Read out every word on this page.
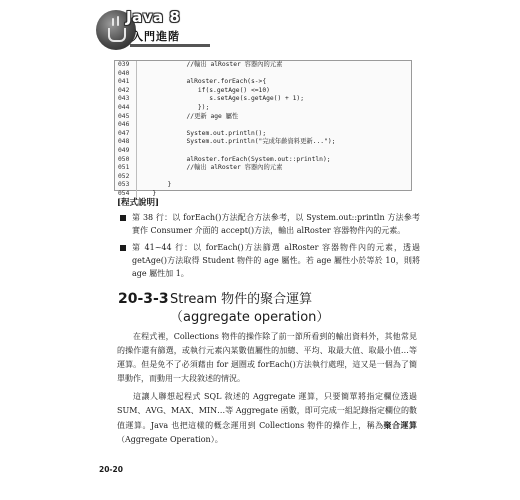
Java 8
入門進階
039	//輸出 alRoster 容器內的元素
040
041	alRoster.forEach(s->{
042	if(s.getAge() <=10)
043	s.setAge(s.getAge() + 1);
044	});
045	//更新 age 屬性
046
047	System.out.println();
048	System.out.println("完成年齡資料更新...");
049
050	alRoster.forEach(System.out::println);
051	//輸出 alRoster 容器內的元素
052
053	}
054	}
[程式說明]
第 38 行：以 forEach()方法配合方法參考，以 System.out::println 方法參考實作 Consumer 介面的 accept()方法，輸出 alRoster 容器物件內的元素。
第 41~44 行：以 forEach()方法篩選 alRoster 容器物件內的元素，透過 getAge()方法取得 Student 物件的 age 屬性。若 age 屬性小於等於 10，則將 age 屬性加 1。
20-3-3 Stream 物件的聚合運算
（aggregate operation）
在程式裡，Collections 物件的操作除了前一節所看到的輸出資料外，其他常見的操作還有篩選，或執行元素內某數值屬性的加總、平均、取最大值、取最小值…等運算。但是免不了必須藉由 for 迴圈或 forEach()方法執行處理，這又是一個為了簡單動作，而動用一大段敘述的情況。
這讓人聯想起程式 SQL 敘述的 Aggregate 運算，只要簡單將指定欄位透過 SUM、AVG、MAX、MIN…等 Aggregate 函數，即可完成一組記錄指定欄位的數值運算。Java 也把這樣的概念運用到 Collections 物件的操作上，稱為聚合運算（Aggregate Operation）。
20-20
